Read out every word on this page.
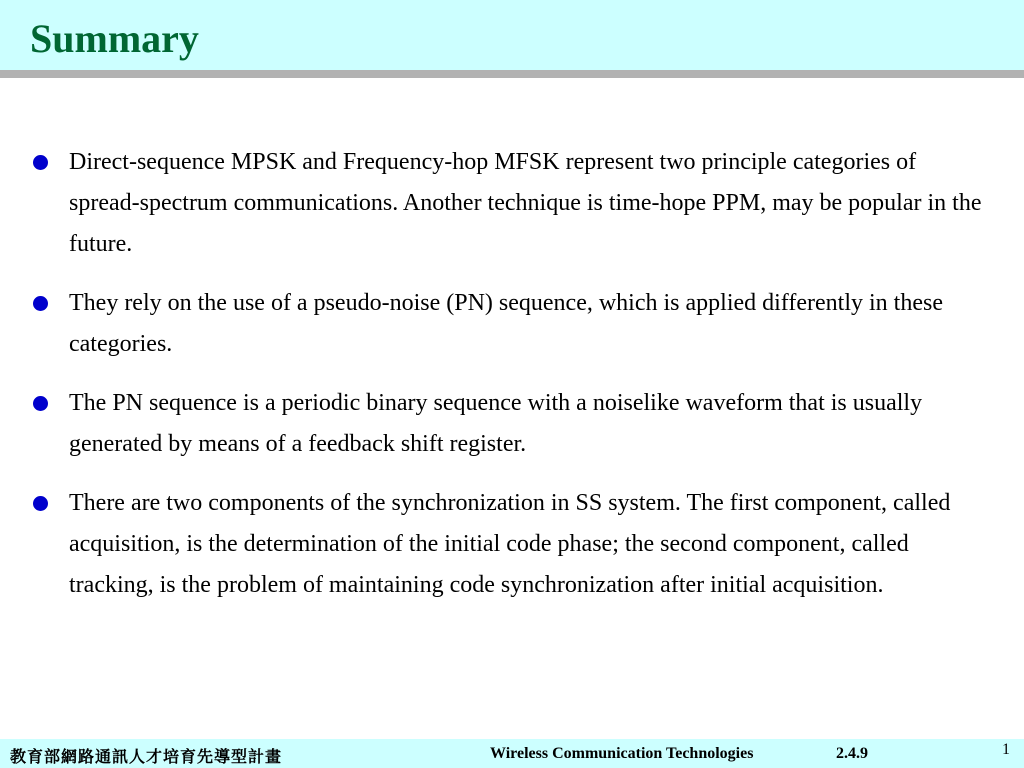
Summary
Direct-sequence MPSK and Frequency-hop MFSK represent two principle categories of spread-spectrum communications. Another technique is time-hope PPM, may be popular in the future.
They rely on the use of a pseudo-noise (PN) sequence, which is applied differently in these categories.
The PN sequence is a periodic binary sequence with a noiselike waveform that is usually generated by means of a feedback shift register.
There are two components of the synchronization in SS system. The first component, called acquisition, is the determination of the initial code phase; the second component, called tracking, is the problem of maintaining code synchronization after initial acquisition.
教育部網路通訊人才培育先導型計畫	Wireless Communication Technologies	2.4.9	1
